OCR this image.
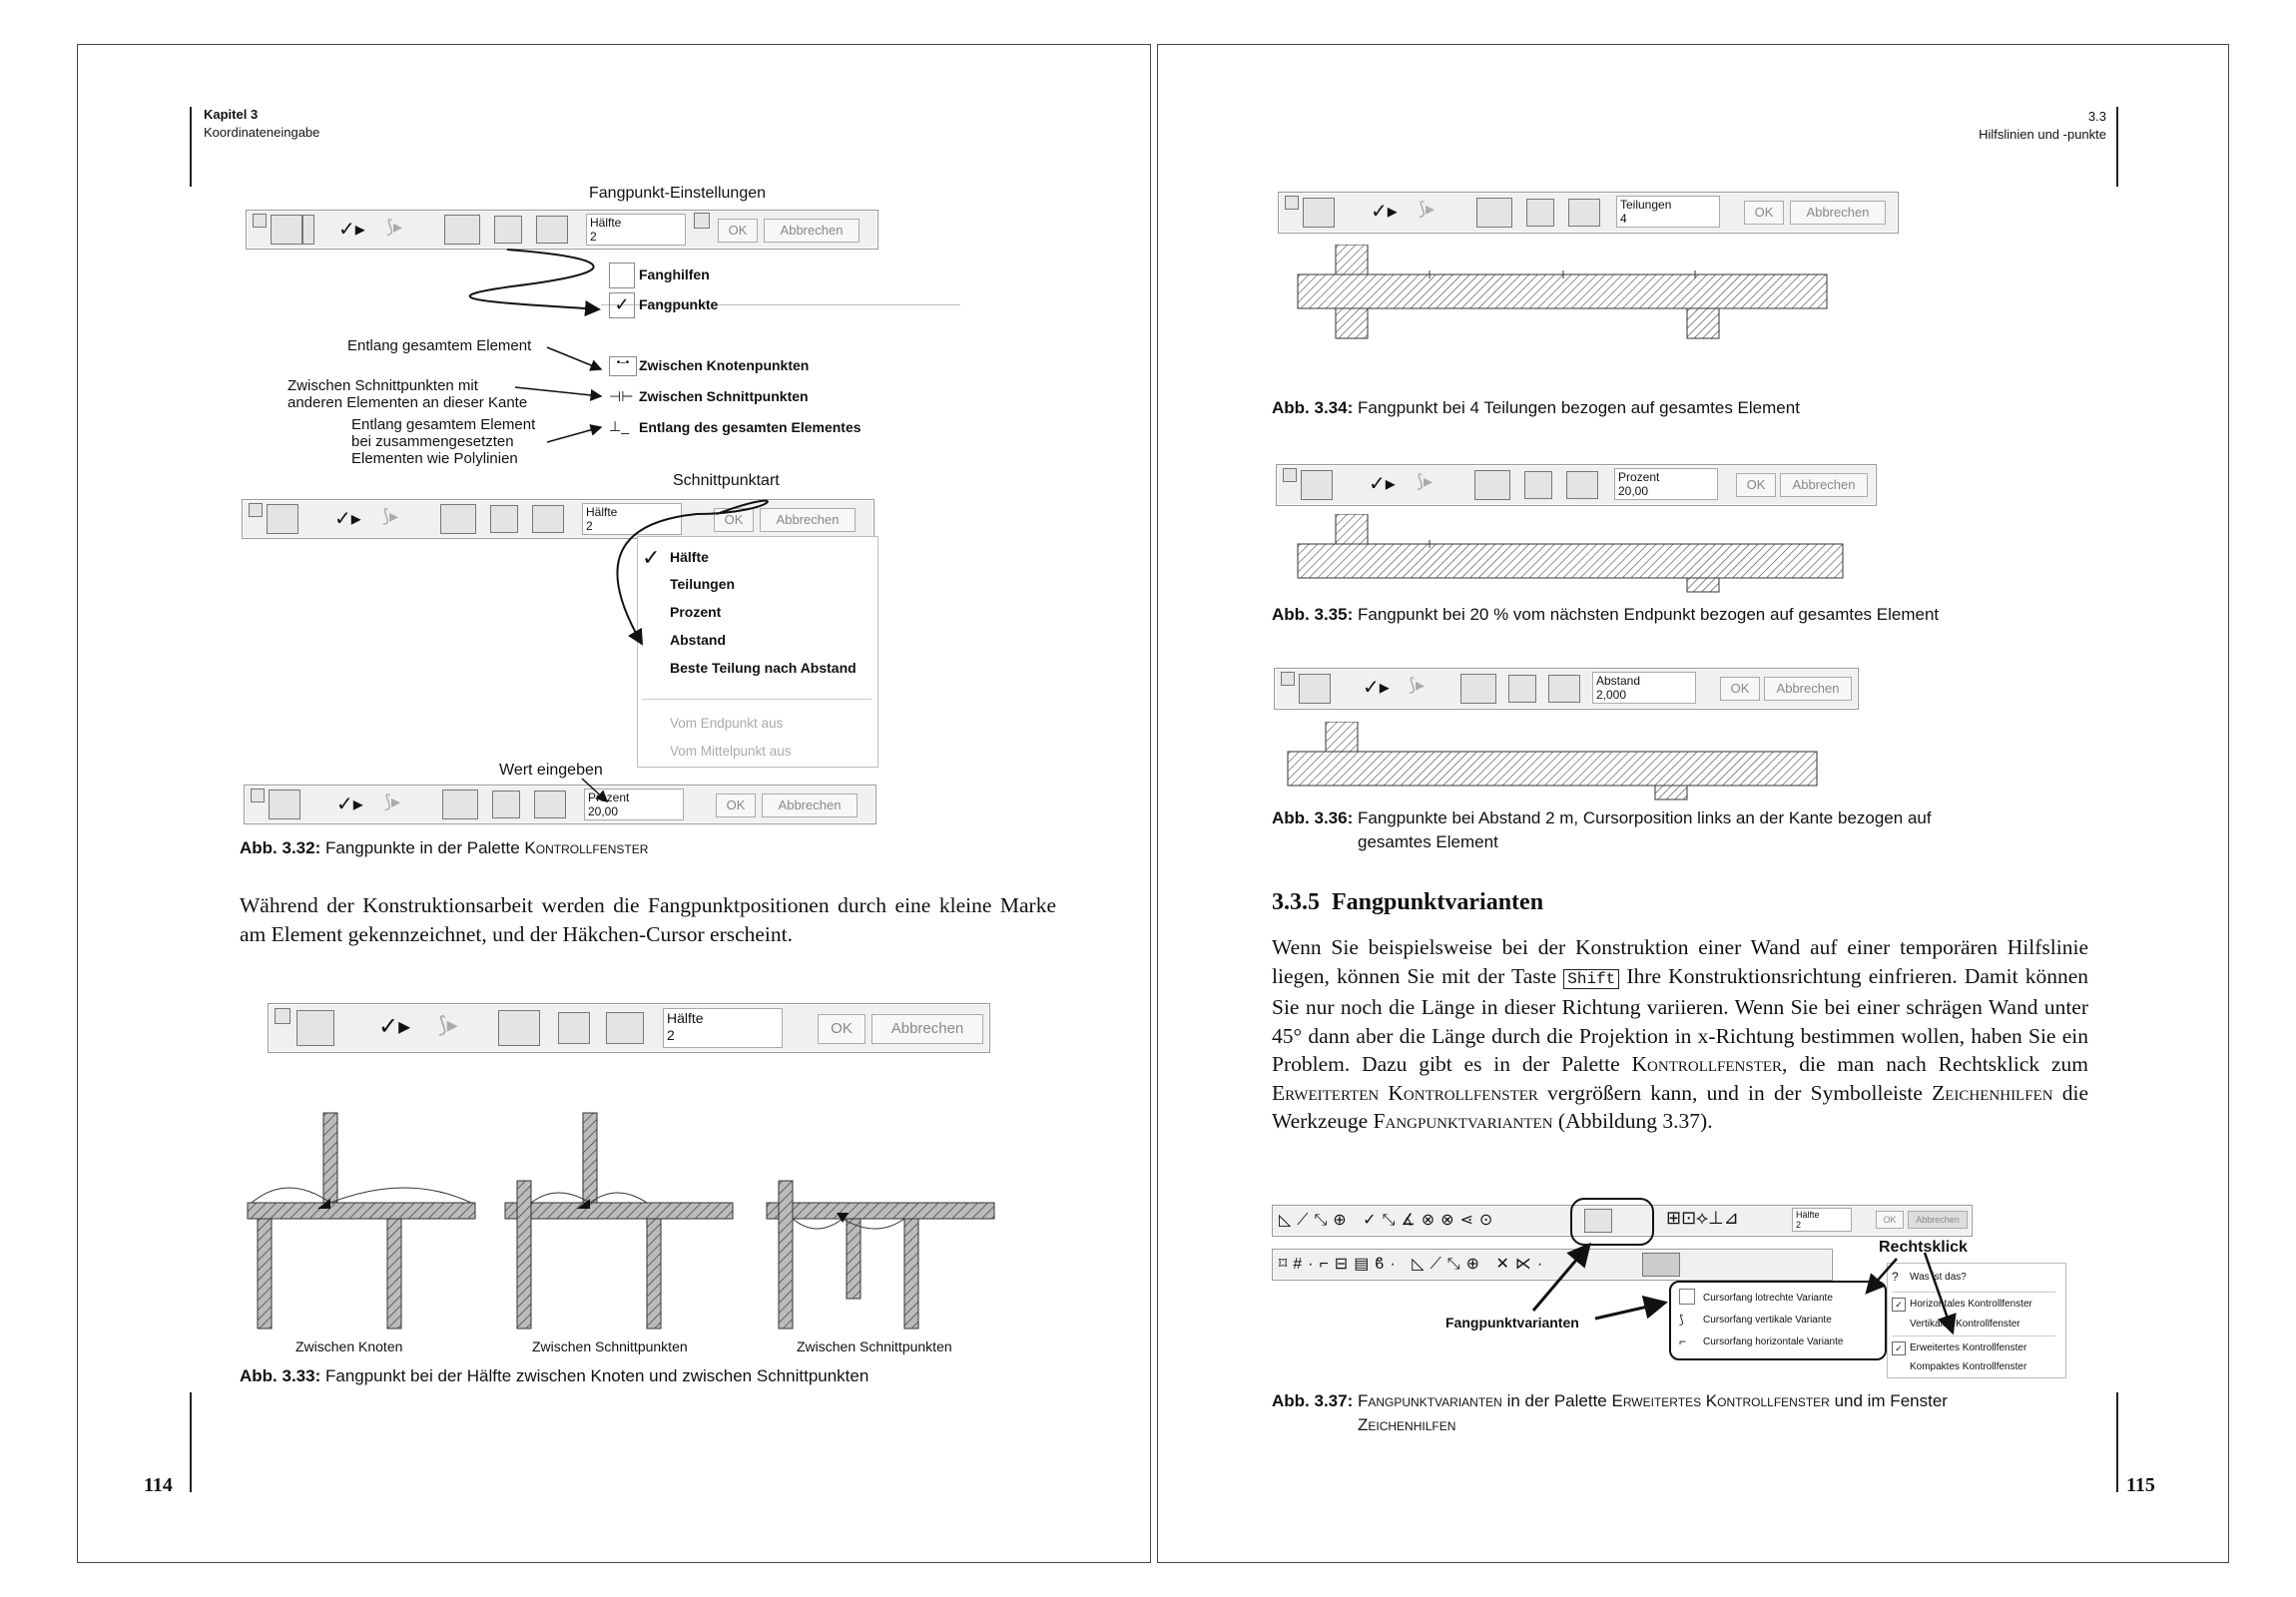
Kapitel 3
Koordinateneingabe
Fangpunkt-Einstellungen
✓▸ ⟆▸	Hälfte
2	OK	Abbrechen
Fanghilfen
Fangpunkte
✓
Zwischen Knotenpunkten
Zwischen Schnittpunkten
Entlang des gesamten Elementes
•–•
⊣⊢
⊥_
Entlang gesamtem Element
Zwischen Schnittpunkten mit
anderen Elementen an dieser Kante
Entlang gesamtem Element
bei zusammengesetzten
Elementen wie Polylinien
Schnittpunktart
✓▸ ⟆▸	Hälfte
2	OK	Abbrechen
✓ Hälfte
Teilungen
Prozent
Abstand
Beste Teilung nach Abstand
Vom Endpunkt aus
Vom Mittelpunkt aus
Wert eingeben
✓▸ ⟆▸	Prozent
20,00	OK	Abbrechen
Abb. 3.32: Fangpunkte in der Palette Kontrollfenster
Während der Konstruktionsarbeit werden die Fangpunktpositionen durch eine kleine Marke am Element gekennzeichnet, und der Häkchen-Cursor erscheint.
✓▸ ⟆▸	Hälfte
2	OK	Abbrechen
Zwischen Knoten	Zwischen Schnittpunkten	Zwischen Schnittpunkten
Abb. 3.33: Fangpunkt bei der Hälfte zwischen Knoten und zwischen Schnittpunkten
114
3.3
Hilfslinien und -punkte
✓▸ ⟆▸	Teilungen
4	OK	Abbrechen
Abb. 3.34: Fangpunkt bei 4 Teilungen bezogen auf gesamtes Element
✓▸ ⟆▸	Prozent
20,00	OK	Abbrechen
Abb. 3.35: Fangpunkt bei 20 % vom nächsten Endpunkt bezogen auf gesamtes Element
✓▸ ⟆▸	Abstand
2,000	OK	Abbrechen
Abb. 3.36: Fangpunkte bei Abstand 2 m, Cursorposition links an der Kante bezogen auf
gesamtes Element
3.3.5 Fangpunktvarianten
Wenn Sie beispielsweise bei der Konstruktion einer Wand auf einer temporären Hilfslinie liegen, können Sie mit der Taste Shift Ihre Konstruktionsrichtung einfrieren. Damit können Sie nur noch die Länge in dieser Richtung variieren. Wenn Sie bei einer schrägen Wand unter 45° dann aber die Länge durch die Projektion in x-Richtung bestimmen wollen, haben Sie ein Problem. Dazu gibt es in der Palette Kontrollfenster, die man nach Rechtsklick zum Erweiterten Kontrollfenster vergrößern kann, und in der Symbolleiste Zeichenhilfen die Werkzeuge Fangpunktvarianten (Abbildung 3.37).
◺⟋⤡⊕ ✓⤡∡⊗⊗⋖⊙	⊞⊡⟡⊥⊿	Hälfte
2	OK	Abbrechen
Rechtsklick
⌑#·⌐⊟▤ϐ· ◺⟋⤡⊕ ✕⋉·
Cursorfang lotrechte Variante
Cursorfang vertikale Variante
Cursorfang horizontale Variante
⟆
⌐
? Was ist das?
✓ Horizontales Kontrollfenster
Vertikales Kontrollfenster
✓ Erweitertes Kontrollfenster
Kompaktes Kontrollfenster
Fangpunktvarianten
Abb. 3.37: Fangpunktvarianten in der Palette Erweitertes Kontrollfenster und im Fenster
Zeichenhilfen
115
